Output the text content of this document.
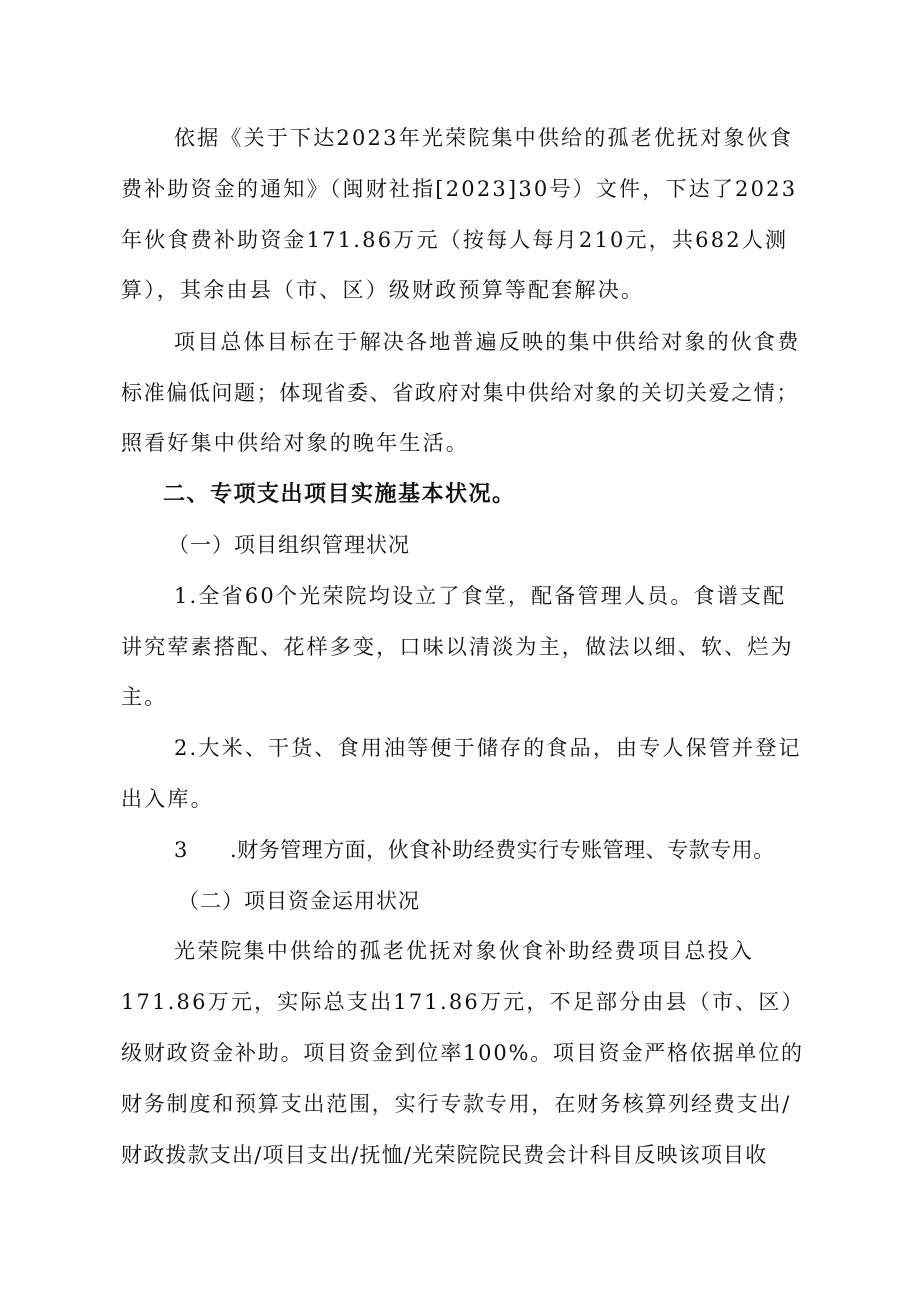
依据《关于下达2023年光荣院集中供给的孤老优抚对象伙食
费补助资金的通知》（闽财社指[2023]30号）文件，下达了2023
年伙食费补助资金171.86万元（按每人每月210元，共682人测
算），其余由县（市、区）级财政预算等配套解决。
项目总体目标在于解决各地普遍反映的集中供给对象的伙食费
标准偏低问题；体现省委、省政府对集中供给对象的关切关爱之情；
照看好集中供给对象的晚年生活。
二、专项支出项目实施基本状况。
（一）项目组织管理状况
1.全省60个光荣院均设立了食堂，配备管理人员。食谱支配
讲究荤素搭配、花样多变，口味以清淡为主，做法以细、软、烂为
主。
2.大米、干货、食用油等便于储存的食品，由专人保管并登记
出入库。
3 .财务管理方面，伙食补助经费实行专账管理、专款专用。
（二）项目资金运用状况
光荣院集中供给的孤老优抚对象伙食补助经费项目总投入
171.86万元，实际总支出171.86万元，不足部分由县（市、区）
级财政资金补助。项目资金到位率100%。项目资金严格依据单位的
财务制度和预算支出范围，实行专款专用，在财务核算列经费支出/
财政拨款支出/项目支出/抚恤/光荣院院民费会计科目反映该项目收
